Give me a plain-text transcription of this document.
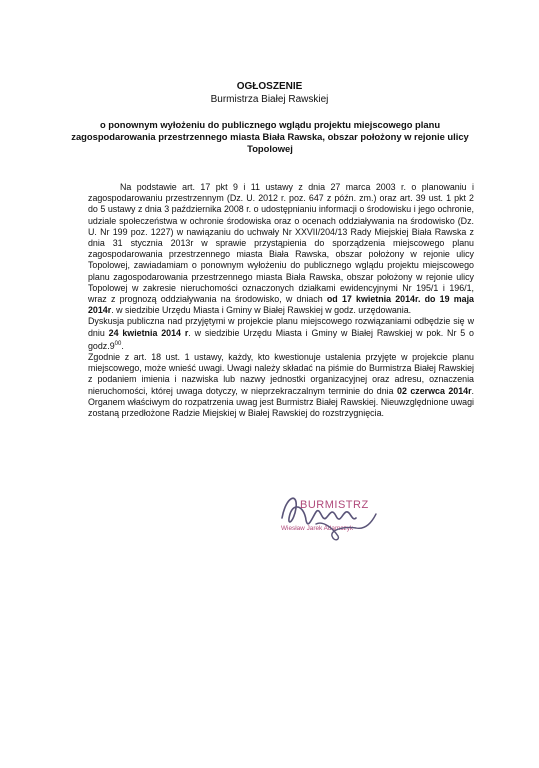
OGŁOSZENIE
Burmistrza Białej Rawskiej
o ponownym wyłożeniu do publicznego wglądu projektu miejscowego planu zagospodarowania przestrzennego miasta Biała Rawska, obszar położony w rejonie ulicy Topolowej

Na podstawie art. 17 pkt 9 i 11 ustawy z dnia 27 marca 2003 r. o planowaniu i zagospodarowaniu przestrzennym (Dz. U. 2012 r. poz. 647 z późn. zm.) oraz art. 39 ust. 1 pkt 2 do 5 ustawy z dnia 3 października 2008 r. o udostępnianiu informacji o środowisku i jego ochronie, udziale społeczeństwa w ochronie środowiska oraz o ocenach oddziaływania na środowisko (Dz. U. Nr 199 poz. 1227) w nawiązaniu do uchwały Nr XXVII/204/13 Rady Miejskiej Biała Rawska z dnia 31 stycznia 2013r w sprawie przystąpienia do sporządzenia miejscowego planu zagospodarowania przestrzennego miasta Biała Rawska, obszar położony w rejonie ulicy Topolowej, zawiadamiam o ponownym wyłożeniu do publicznego wglądu projektu miejscowego planu zagospodarowania przestrzennego miasta Biała Rawska, obszar położony w rejonie ulicy Topolowej w zakresie nieruchomości oznaczonych działkami ewidencyjnymi Nr 195/1 i 196/1, wraz z prognozą oddziaływania na środowisko, w dniach od 17 kwietnia 2014r. do 19 maja 2014r. w siedzibie Urzędu Miasta i Gminy w Białej Rawskiej w godz. urzędowania.

Dyskusja publiczna nad przyjętymi w projekcie planu miejscowego rozwiązaniami odbędzie się w dniu 24 kwietnia 2014 r. w siedzibie Urzędu Miasta i Gminy w Białej Rawskiej w pok. Nr 5 o $godz.9^{00}$.

Zgodnie z art. 18 ust. 1 ustawy, każdy, kto kwestionuje ustalenia przyjęte w projekcie planu miejscowego, może wnieść uwagi. Uwagi należy składać na piśmie do Burmistrza Białej Rawskiej z podaniem imienia i nazwiska lub nazwy jednostki organizacyjnej oraz adresu, oznaczenia nieruchomości, której uwaga dotyczy, w nieprzekraczalnym terminie do dnia 02 czerwca 2014r. Organem właściwym do rozpatrzenia uwag jest Burmistrz Białej Rawskiej. Nieuwzględnione uwagi zostaną przedłożone Radzie Miejskiej w Białej Rawskiej do rozstrzygnięcia.

BURMISTRZ
Wiesław Jarek Adamczyk
